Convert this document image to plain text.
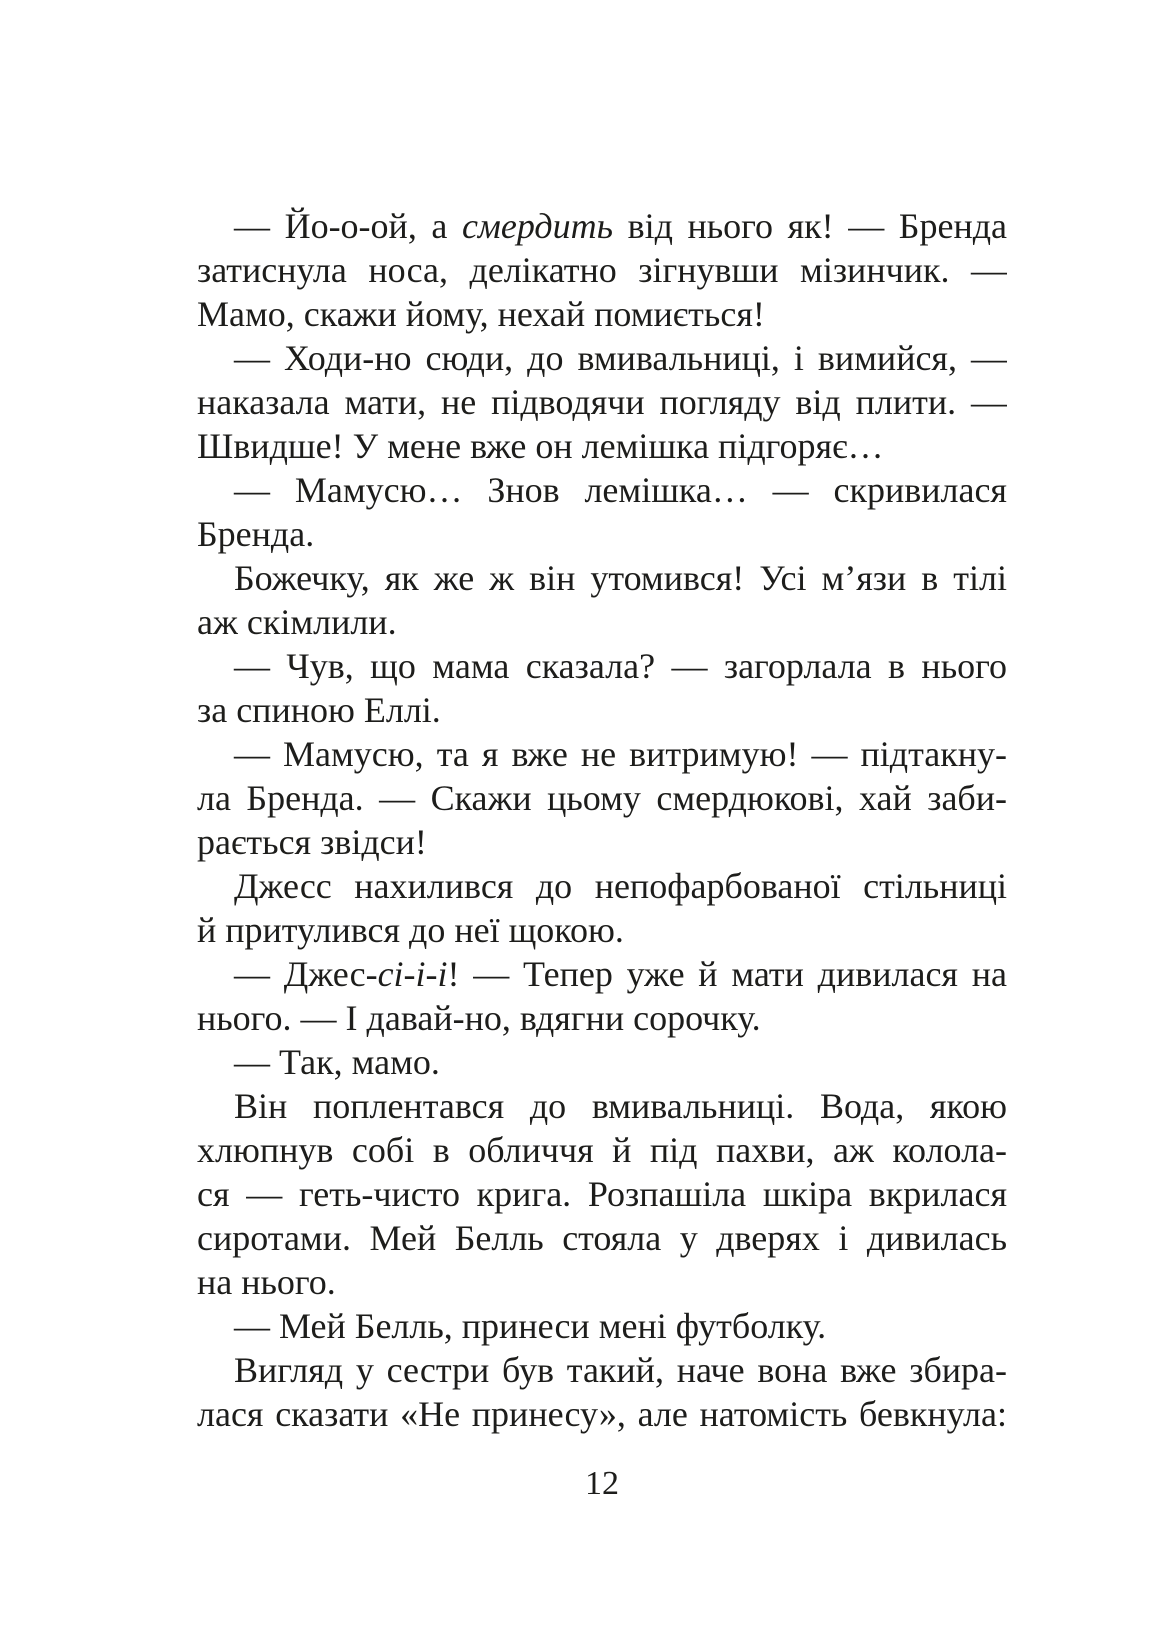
— Йо-о-ой, а смердить від нього як! — Бренда
затиснула носа, делікатно зігнувши мізинчик. —
Мамо, скажи йому, нехай помиється!
— Ходи-но сюди, до вмивальниці, і вимийся, —
наказала мати, не підводячи погляду від плити. —
Швидше! У мене вже он лемішка підгоряє…
— Мамусю… Знов лемішка… — скривилася
Бренда.
Божечку, як же ж він утомився! Усі м’язи в тілі
аж скімлили.
— Чув, що мама сказала? — загорлала в нього
за спиною Еллі.
— Мамусю, та я вже не витримую! — підтакну-
ла Бренда. — Скажи цьому смердюкові, хай заби-
рається звідси!
Джесс нахилився до непофарбованої стільниці
й притулився до неї щокою.
— Джес-сі-і-і! — Тепер уже й мати дивилася на
нього. — І давай-но, вдягни сорочку.
— Так, мамо.
Він поплентався до вмивальниці. Вода, якою
хлюпнув собі в обличчя й під пахви, аж колола-
ся — геть-чисто крига. Розпашіла шкіра вкрилася
сиротами. Мей Белль стояла у дверях і дивилась
на нього.
— Мей Белль, принеси мені футболку.
Вигляд у сестри був такий, наче вона вже збира-
лася сказати «Не принесу», але натомість бевкнула:
12
